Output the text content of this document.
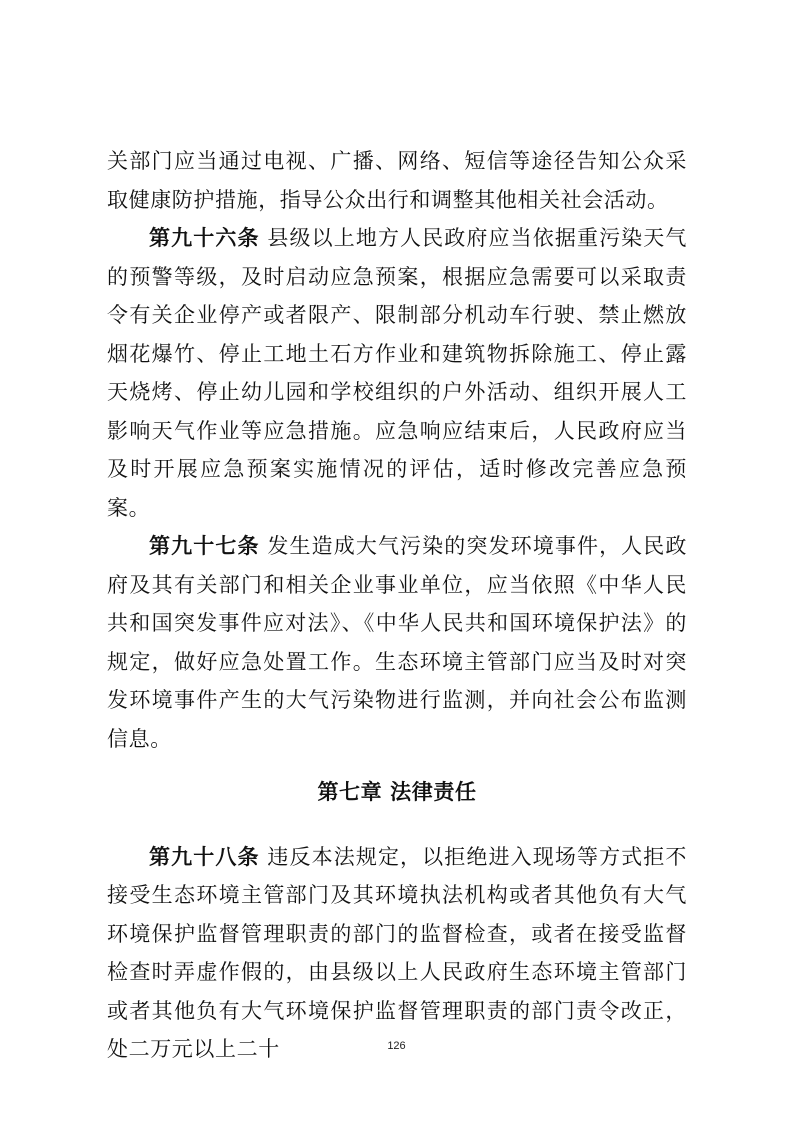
关部门应当通过电视、广播、网络、短信等途径告知公众采取健康防护措施，指导公众出行和调整其他相关社会活动。

第九十六条 县级以上地方人民政府应当依据重污染天气的预警等级，及时启动应急预案，根据应急需要可以采取责令有关企业停产或者限产、限制部分机动车行驶、禁止燃放烟花爆竹、停止工地土石方作业和建筑物拆除施工、停止露天烧烤、停止幼儿园和学校组织的户外活动、组织开展人工影响天气作业等应急措施。应急响应结束后，人民政府应当及时开展应急预案实施情况的评估，适时修改完善应急预案。

第九十七条 发生造成大气污染的突发环境事件，人民政府及其有关部门和相关企业事业单位，应当依照《中华人民共和国突发事件应对法》、《中华人民共和国环境保护法》的规定，做好应急处置工作。生态环境主管部门应当及时对突发环境事件产生的大气污染物进行监测，并向社会公布监测信息。

第七章 法律责任

第九十八条 违反本法规定，以拒绝进入现场等方式拒不接受生态环境主管部门及其环境执法机构或者其他负有大气环境保护监督管理职责的部门的监督检查，或者在接受监督检查时弄虚作假的，由县级以上人民政府生态环境主管部门或者其他负有大气环境保护监督管理职责的部门责令改正，处二万元以上二十	126
